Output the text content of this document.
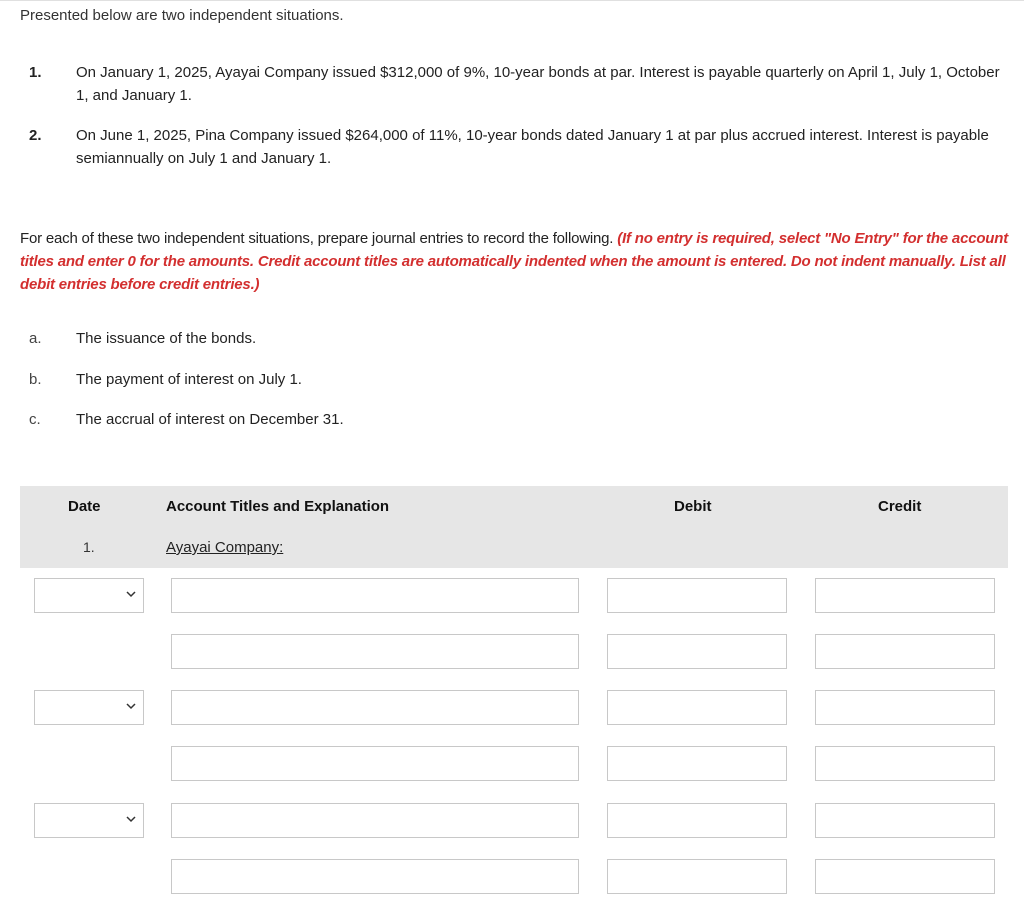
Presented below are two independent situations.
1. On January 1, 2025, Ayayai Company issued $312,000 of 9%, 10-year bonds at par. Interest is payable quarterly on April 1, July 1, October 1, and January 1.
2. On June 1, 2025, Pina Company issued $264,000 of 11%, 10-year bonds dated January 1 at par plus accrued interest. Interest is payable semiannually on July 1 and January 1.
For each of these two independent situations, prepare journal entries to record the following. (If no entry is required, select "No Entry" for the account titles and enter 0 for the amounts. Credit account titles are automatically indented when the amount is entered. Do not indent manually. List all debit entries before credit entries.)
a. The issuance of the bonds.
b. The payment of interest on July 1.
c. The accrual of interest on December 31.
Date	Account Titles and Explanation	Debit	Credit
1.	Ayayai Company:
